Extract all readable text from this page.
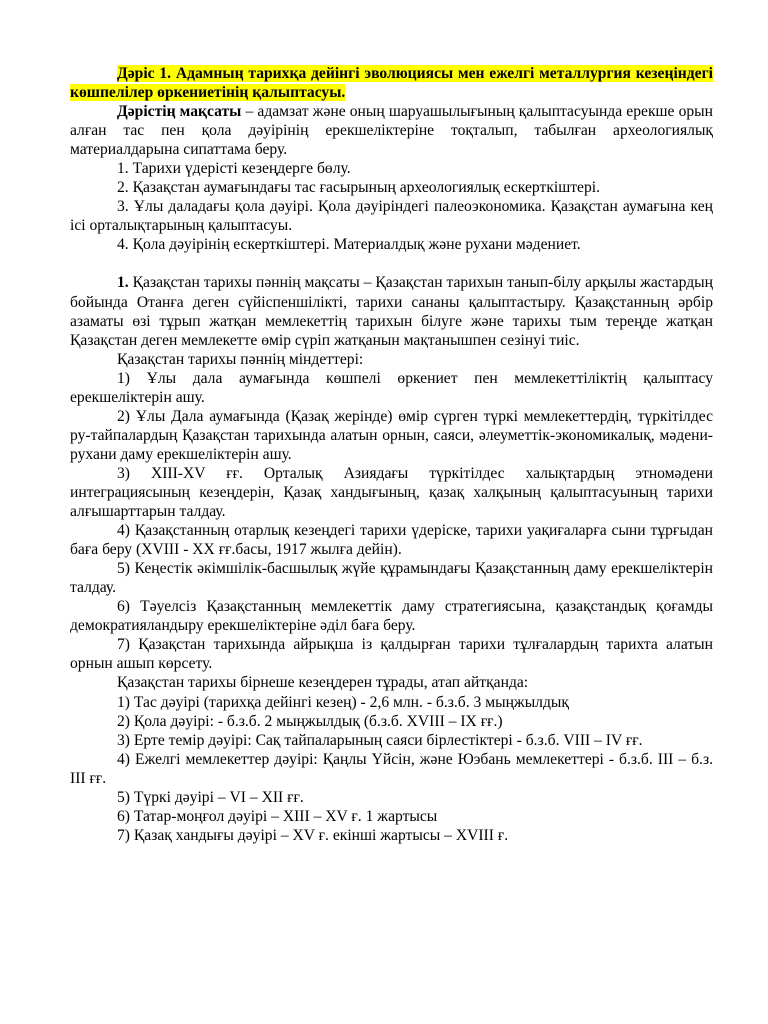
Дәріс 1. Адамның тарихқа дейінгі эволюциясы мен ежелгі металлургия кезеңіндегі көшпелілер өркениетінің қалыптасуы.

Дәрістің мақсаты – адамзат және оның шаруашылығының қалыптасуында ерекше орын алған тас пен қола дәуірінің ерекшеліктеріне тоқталып, табылған археологиялық материалдарына сипаттама беру.

1. Тарихи үдерісті кезеңдерге бөлу.

2. Қазақстан аумағындағы тас ғасырының археологиялық ескерткіштері.

3. Ұлы даладағы қола дәуірі. Қола дәуіріндегі палеоэкономика. Қазақстан аумағына кең ісі орталықтарының қалыптасуы.

4. Қола дәуірінің ескерткіштері. Материалдық және рухани мәдениет.

1. Қазақстан тарихы пәннің мақсаты – Қазақстан тарихын танып-білу арқылы жастардың бойында Отанға деген сүйіспеншілікті, тарихи сананы қалыптастыру. Қазақстанның әрбір азаматы өзі тұрып жатқан мемлекеттің тарихын білуге және тарихы тым тереңде жатқан Қазақстан деген мемлекетте өмір сүріп жатқанын мақтанышпен сезінуі тиіс.

Қазақстан тарихы пәннің міндеттері:

1) Ұлы дала аумағында көшпелі өркениет пен мемлекеттіліктің қалыптасу ерекшеліктерін ашу.

2) Ұлы Дала аумағында (Қазақ жерінде) өмір сүрген түркі мемлекеттердің, түркітілдес ру-тайпалардың Қазақстан тарихында алатын орнын, саяси, әлеуметтік-экономикалық, мәдени-рухани даму ерекшеліктерін ашу.

3) XIII-XV ғғ. Орталық Азиядағы түркітілдес халықтардың этномәдени интеграциясының кезеңдерін, Қазақ хандығының, қазақ халқының қалыптасуының тарихи алғышарттарын талдау.

4) Қазақстанның отарлық кезеңдегі тарихи үдеріске, тарихи уақиғаларға сыни тұрғыдан баға беру (XVIII - XX ғғ.басы, 1917 жылға дейін).

5) Кеңестік әкімшілік-басшылық жүйе құрамындағы Қазақстанның даму ерекшеліктерін талдау.

6) Тәуелсіз Қазақстанның мемлекеттік даму стратегиясына, қазақстандық қоғамды демократияландыру ерекшеліктеріне әділ баға беру.

7) Қазақстан тарихында айрықша із қалдырған тарихи тұлғалардың тарихта алатын орнын ашып көрсету.

Қазақстан тарихы бірнеше кезеңдерен тұрады, атап айтқанда:

1) Тас дәуірі (тарихқа дейінгі кезең) - 2,6 млн. - б.з.б. 3 мыңжылдық

2) Қола дәуірі: - б.з.б. 2 мыңжылдық (б.з.б. XVIII – IX ғғ.)

3) Ерте темір дәуірі: Сақ тайпаларының саяси бірлестіктері - б.з.б. VIII – IV ғғ.

4) Ежелгі мемлекеттер дәуірі: Қаңлы Үйсін, және Юэбань мемлекеттері - б.з.б. III – б.з. III ғғ.

5) Түркі дәуірі – VI – XII ғғ.

6) Татар-моңғол дәуірі – XIII – XV ғ. 1 жартысы

7) Қазақ хандығы дәуірі – XV ғ. екінші жартысы – XVIII ғ.
